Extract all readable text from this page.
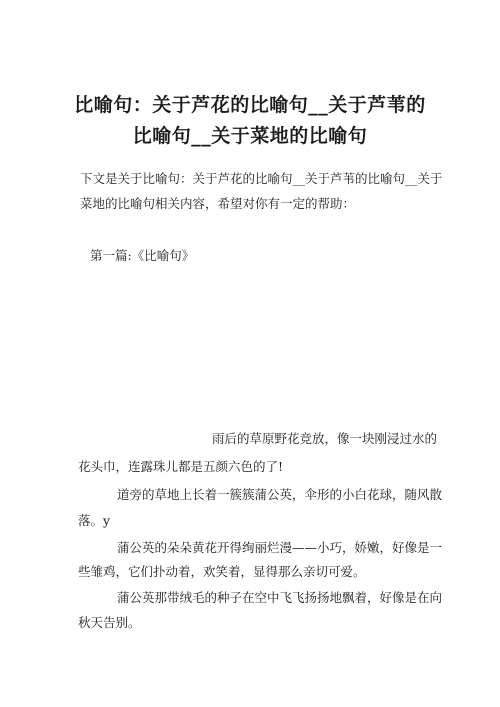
比喻句：关于芦花的比喻句__关于芦苇的
比喻句__关于菜地的比喻句
下文是关于比喻句：关于芦花的比喻句__关于芦苇的比喻句__关于
菜地的比喻句相关内容，希望对你有一定的帮助：
第一篇:《比喻句》
雨后的草原野花竞放，像一块刚浸过水的
花头巾，连露珠儿都是五颜六色的了!
道旁的草地上长着一簇簇蒲公英，伞形的小白花球，随风散
落。y
蒲公英的朵朵黄花开得绚丽烂漫——小巧，娇嫩，好像是一
些雏鸡，它们扑动着，欢笑着，显得那么亲切可爱。
蒲公英那带绒毛的种子在空中飞飞扬扬地飘着，好像是在向
秋天告别。
